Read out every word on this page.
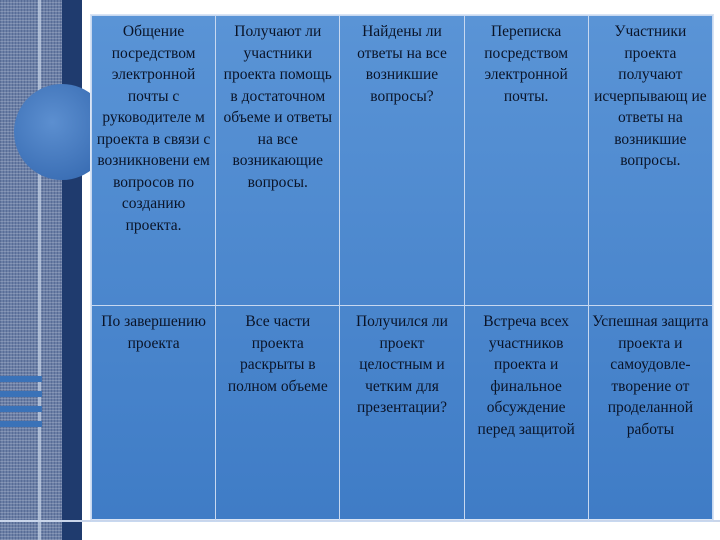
Общение посредством электронной почты с руководителе м проекта в связи с возникновени ем вопросов по созданию проекта.	Получают ли участники проекта помощь в достаточном объеме и ответы на все возникающие вопросы.	Найдены ли ответы на все возникшие вопросы?	Переписка посредством электронной почты.	Участники проекта получают исчерпывающ ие ответы на возникшие вопросы.

По завершению проекта	Все части проекта раскрыты в полном объеме	Получился ли проект целостным и четким для презентации?	Встреча всех участников проекта и финальное обсуждение перед защитой	Успешная защита проекта и самоудовле- творение от проделанной работы
